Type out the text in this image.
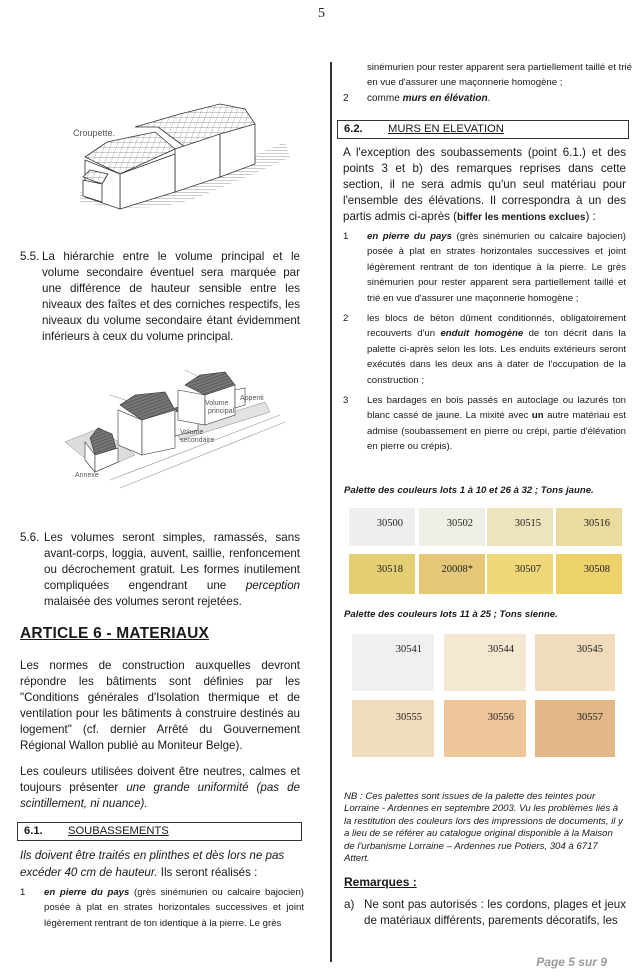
5
Croupette.
5.5. La hiérarchie entre le volume principal et le volume secondaire éventuel sera marquée par une différence de hauteur sensible entre les niveaux des faîtes et des corniches respectifs, les niveaux du volume secondaire étant évidemment inférieurs à ceux du volume principal.
Appenti
Volume
principal
Volume
secondaire
Annexe
5.6. Les volumes seront simples, ramassés, sans avant-corps, loggia, auvent, saillie, renfoncement ou décrochement gratuit. Les formes inutilement compliquées engendrant une perception malaisée des volumes seront rejetées.
ARTICLE 6 - MATERIAUX
Les normes de construction auxquelles devront répondre les bâtiments sont définies par les "Conditions générales d'Isolation thermique et de ventilation pour les bâtiments à construire destinés au logement" (cf. dernier Arrêté du Gouvernement Régional Wallon publié au Moniteur Belge).
Les couleurs utilisées doivent être neutres, calmes et toujours présenter une grande uniformité (pas de scintillement, ni nuance).
6.1.	SOUBASSEMENTS
Ils doivent être traités en plinthes et dès lors ne pas excéder 40 cm de hauteur. Ils seront réalisés :
1	en pierre du pays (grès sinémurien ou calcaire bajocien) posée à plat en strates horizontales successives et joint légèrement rentrant de ton identique à la pierre. Le grès
sinémurien pour rester apparent sera partiellement taillé et trié en vue d'assurer une maçonnerie homogène ;
2	comme murs en élévation.
6.2.	MURS EN ELEVATION
A l'exception des soubassements (point 6.1.) et des points 3 et b) des remarques reprises dans cette section, il ne sera admis qu'un seul matériau pour l'ensemble des élévations. Il correspondra à un des partis admis ci-après (biffer les mentions exclues) :
1	en pierre du pays (grès sinémurien ou calcaire bajocien) posée à plat en strates horizontales successives et joint légèrement rentrant de ton identique à la pierre. Le grès sinémurien pour rester apparent sera partiellement taillé et trié en vue d'assurer une maçonnerie homogène ;
2	les blocs de béton dûment conditionnés, obligatoirement recouverts d'un enduit homogène de ton décrit dans la palette ci-après selon les lots. Les enduits extérieurs seront exécutés dans les deux ans à dater de l'occupation de la construction ;
3	Les bardages en bois passés en autoclage ou lazurés ton blanc cassé de jaune. La mixité avec un autre matériau est admise (soubassement en pierre ou crépi, partie d'élévation en pierre ou crépis).
Palette des couleurs lots 1 à 10 et 26 à 32 ; Tons jaune.
30500	30502	30515	30516
30518	20008*	30507	30508
Palette des couleurs lots 11 à 25 ; Tons sienne.
30541	30544	30545
30555	30556	30557
NB : Ces palettes sont issues de la palette des teintes pour Lorraine - Ardennes en septembre 2003. Vu les problèmes liés à la restitution des couleurs lors des impressions de documents, il y a lieu de se référer au catalogue original disponible à la Maison de l'urbanisme Lorraine – Ardennes rue Potiers, 304 à 6717 Attert.
Remarques :
a) Ne sont pas autorisés : les cordons, plages et jeux de matériaux différents, parements décoratifs, les
Page 5 sur 9
